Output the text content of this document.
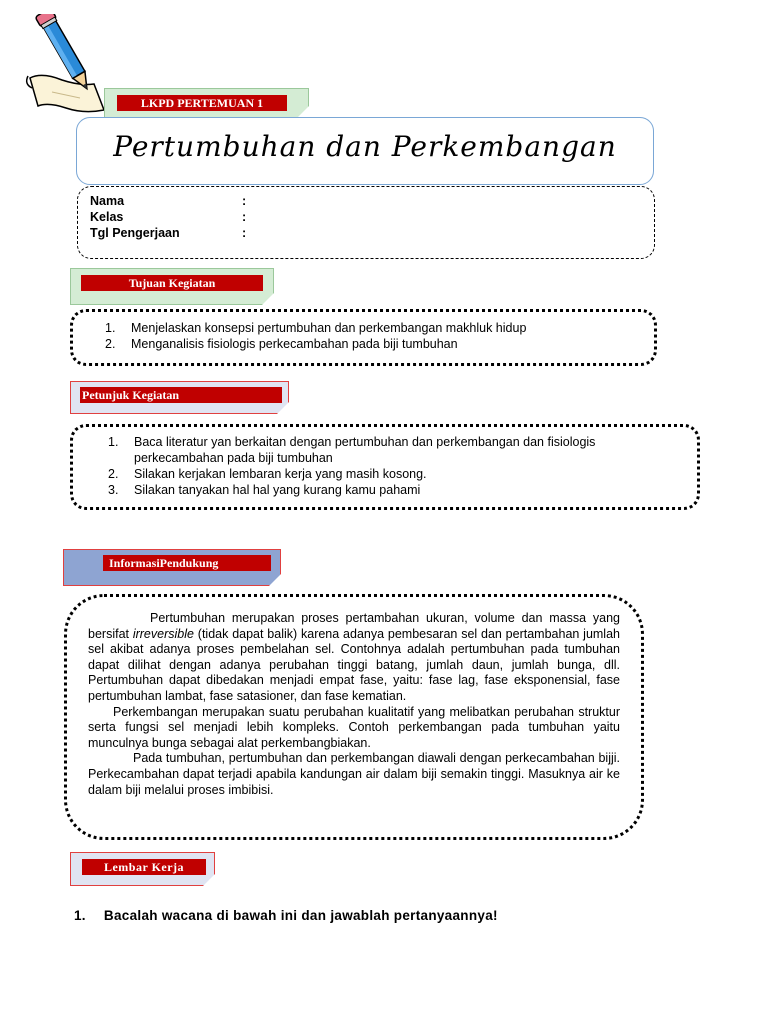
LKPD PERTEMUAN 1
Pertumbuhan dan Perkembangan
Nama	:
Kelas	:
Tgl Pengerjaan	:
Tujuan Kegiatan
1. Menjelaskan konsepsi pertumbuhan dan perkembangan makhluk hidup
2. Menganalisis fisiologis perkecambahan pada biji tumbuhan
Petunjuk Kegiatan
1. Baca literatur yan berkaitan dengan pertumbuhan dan perkembangan dan fisiologis perkecambahan pada biji tumbuhan
2. Silakan kerjakan lembaran kerja yang masih kosong.
3. Silakan tanyakan hal hal yang kurang kamu pahami
InformasiPendukung

Pertumbuhan merupakan proses pertambahan ukuran, volume dan massa yang bersifat irreversible (tidak dapat balik) karena adanya pembesaran sel dan pertambahan jumlah sel akibat adanya proses pembelahan sel. Contohnya adalah pertumbuhan pada tumbuhan dapat dilihat dengan adanya perubahan tinggi batang, jumlah daun, jumlah bunga, dll. Pertumbuhan dapat dibedakan menjadi empat fase, yaitu: fase lag, fase eksponensial, fase pertumbuhan lambat, fase satasioner, dan fase kematian.

Perkembangan merupakan suatu perubahan kualitatif yang melibatkan perubahan struktur serta fungsi sel menjadi lebih kompleks. Contoh perkembangan pada tumbuhan yaitu munculnya bunga sebagai alat perkembangbiakan.

Pada tumbuhan, pertumbuhan dan perkembangan diawali dengan perkecambahan bijji. Perkecambahan dapat terjadi apabila kandungan air dalam biji semakin tinggi. Masuknya air ke dalam biji melalui proses imbibisi.

Lembar Kerja
1. Bacalah wacana di bawah ini dan jawablah pertanyaannya!
